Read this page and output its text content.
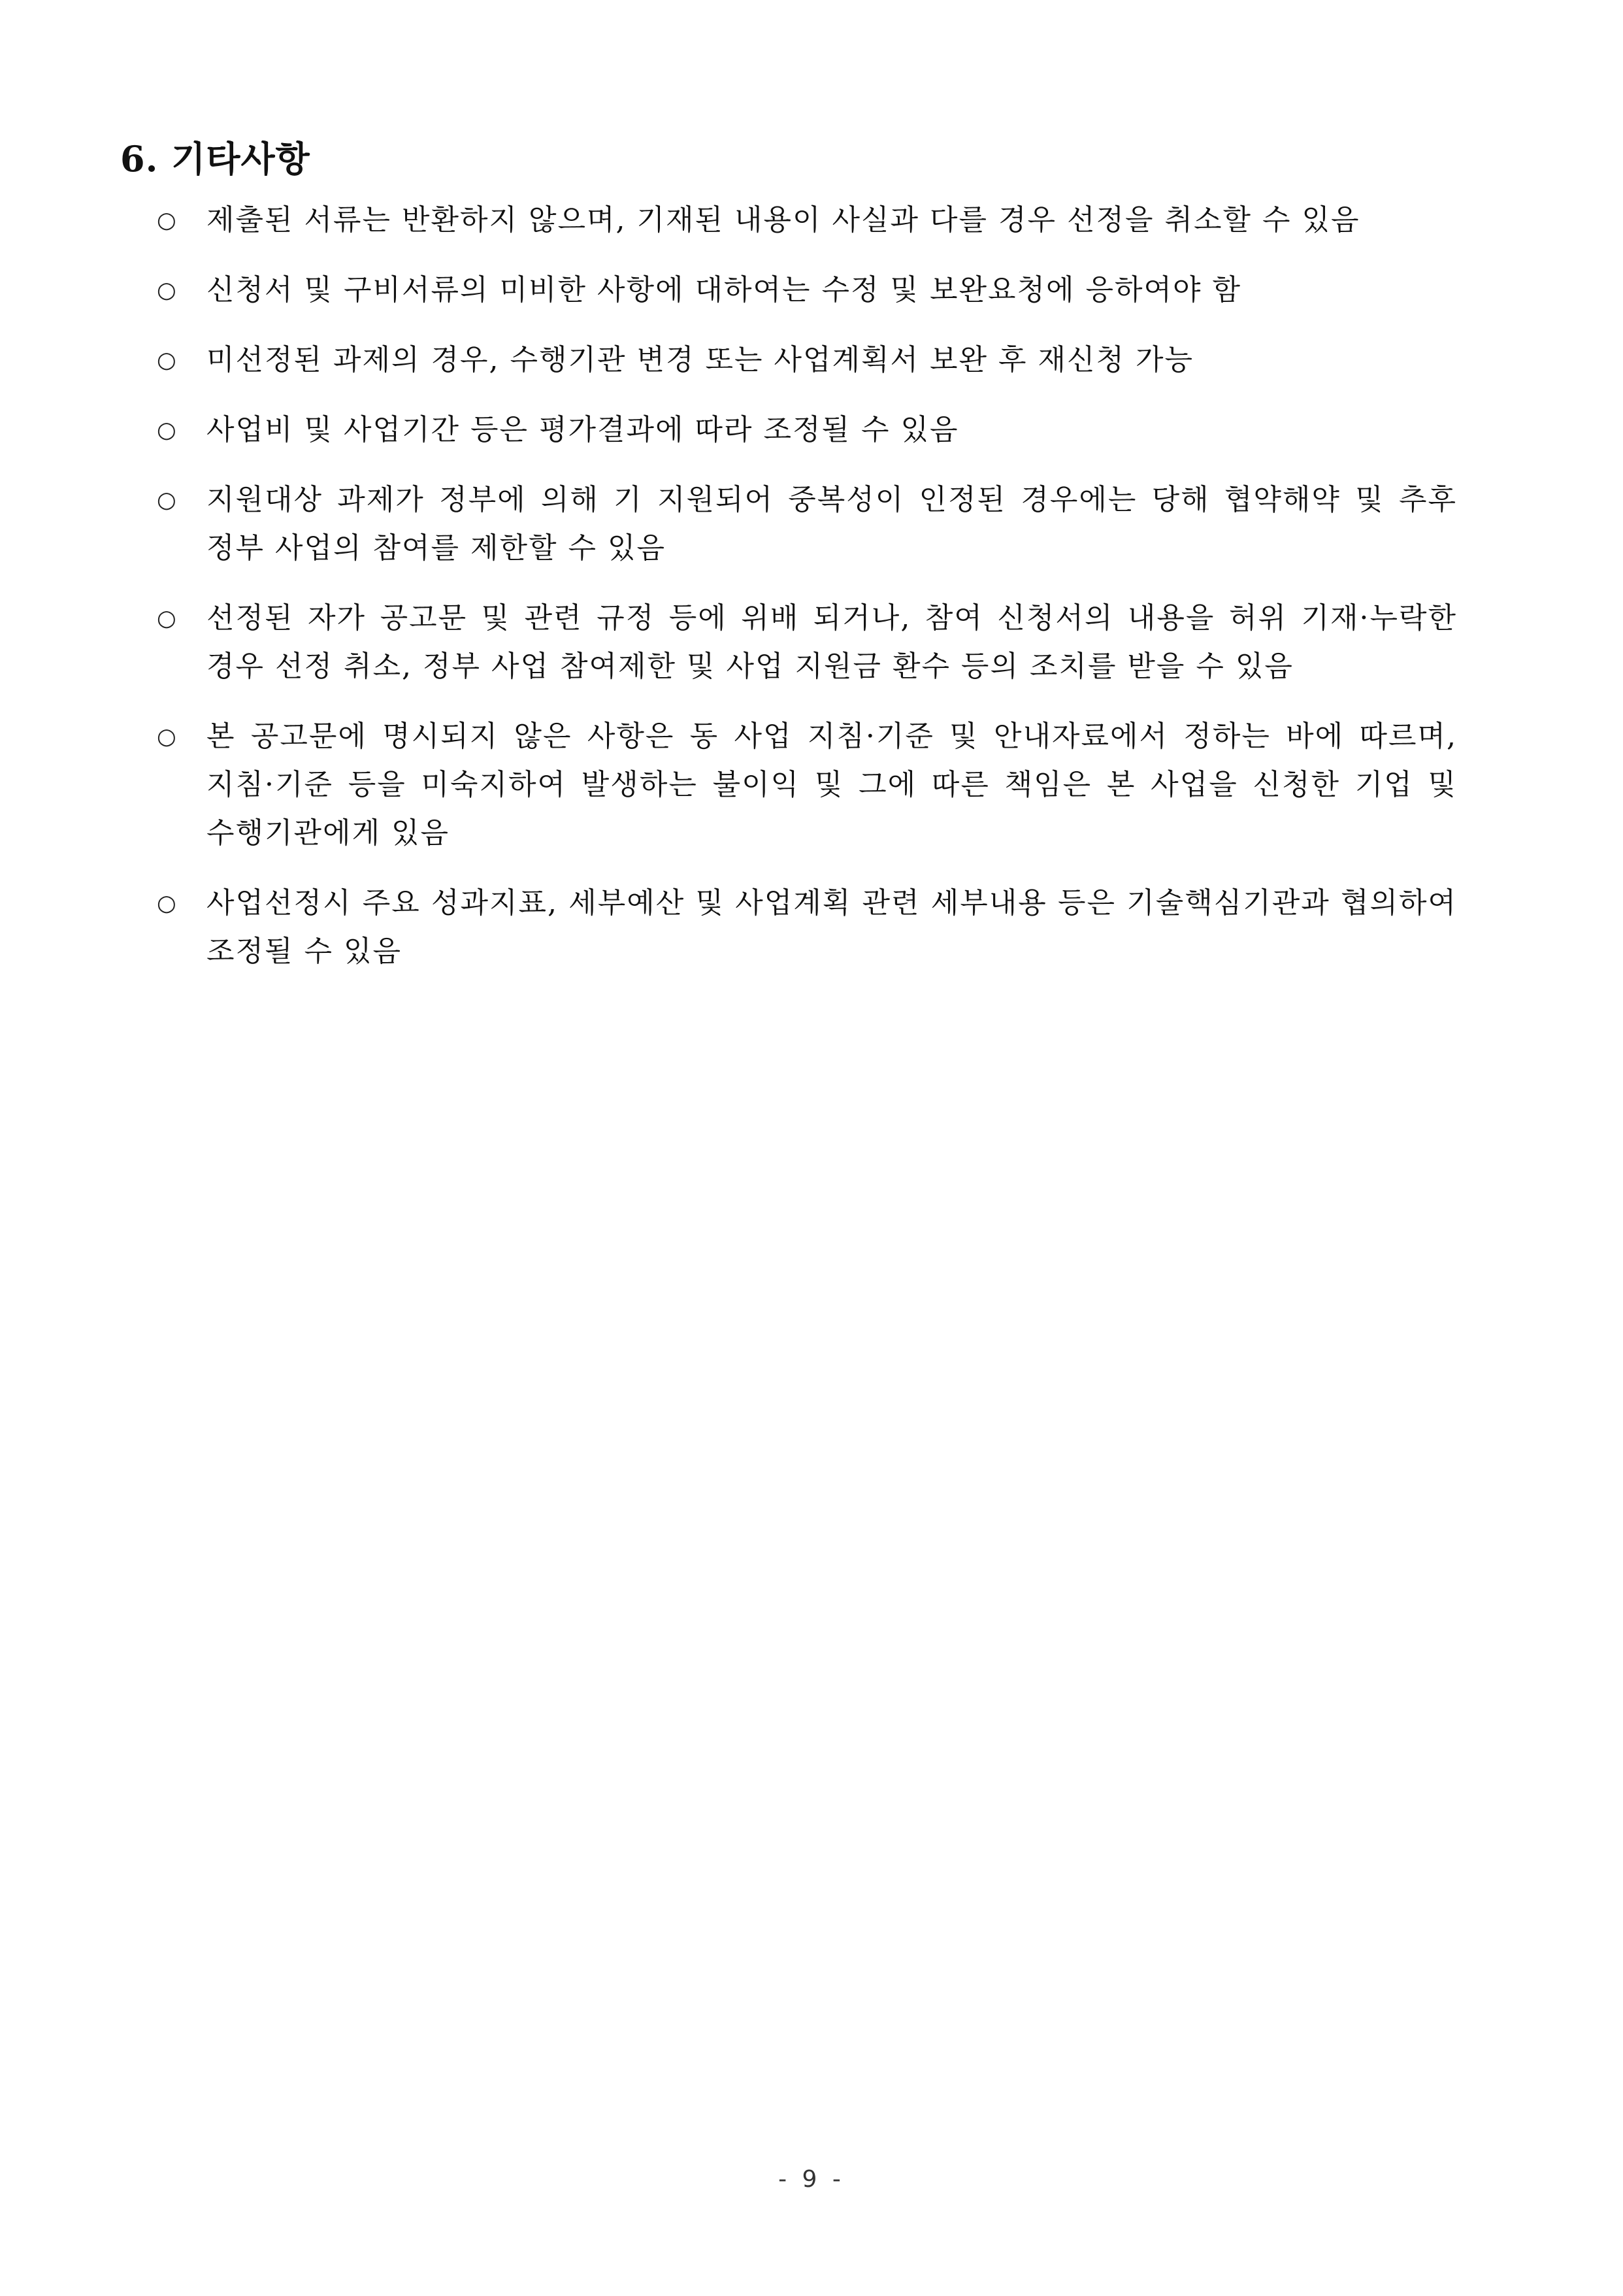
6. 기타사항
○	제출된 서류는 반환하지 않으며, 기재된 내용이 사실과 다를 경우 선정을 취소할 수 있음
○	신청서 및 구비서류의 미비한 사항에 대하여는 수정 및 보완요청에 응하여야 함
○	미선정된 과제의 경우, 수행기관 변경 또는 사업계획서 보완 후 재신청 가능
○	사업비 및 사업기간 등은 평가결과에 따라 조정될 수 있음
○	지원대상 과제가 정부에 의해 기 지원되어 중복성이 인정된 경우에는 당해 협약해약 및 추후 정부 사업의 참여를 제한할 수 있음
○	선정된 자가 공고문 및 관련 규정 등에 위배 되거나, 참여 신청서의 내용을 허위 기재·누락한 경우 선정 취소, 정부 사업 참여제한 및 사업 지원금 환수 등의 조치를 받을 수 있음
○	본 공고문에 명시되지 않은 사항은 동 사업 지침·기준 및 안내자료에서 정하는 바에 따르며, 지침·기준 등을 미숙지하여 발생하는 불이익 및 그에 따른 책임은 본 사업을 신청한 기업 및 수행기관에게 있음
○	사업선정시 주요 성과지표, 세부예산 및 사업계획 관련 세부내용 등은 기술핵심기관과 협의하여 조정될 수 있음
- 9 -
